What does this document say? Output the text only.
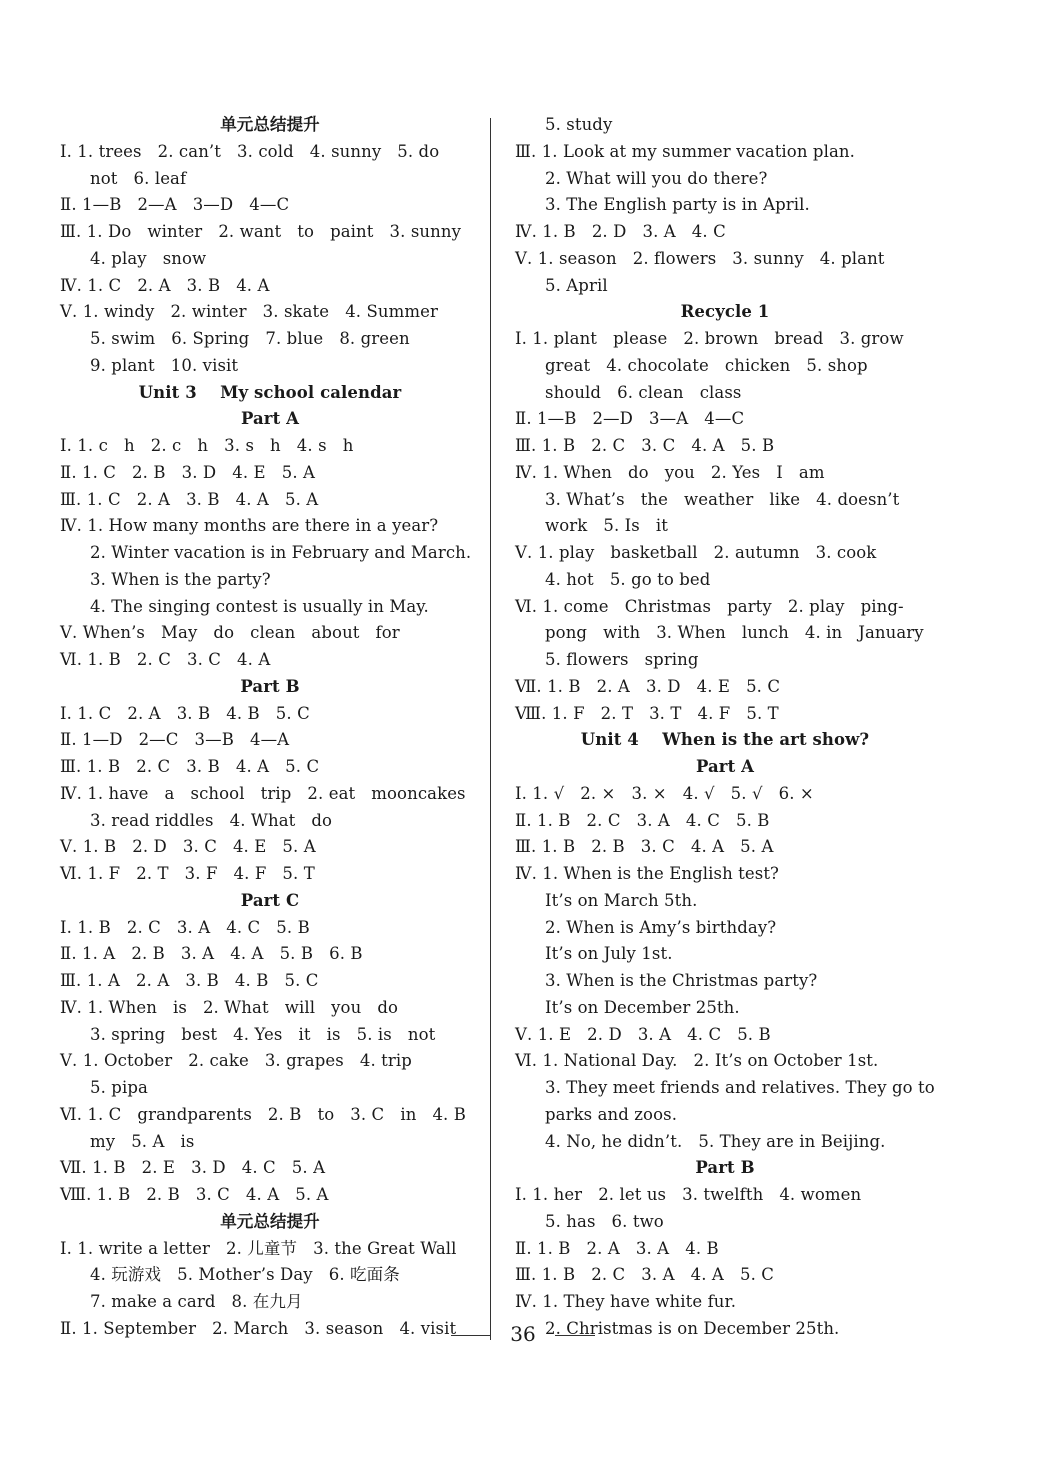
单元总结提升
Ⅰ. 1. trees   2. can’t   3. cold   4. sunny   5. do
not   6. leaf
Ⅱ. 1—B   2—A   3—D   4—C
Ⅲ. 1. Do   winter   2. want   to   paint   3. sunny
4. play   snow
Ⅳ. 1. C   2. A   3. B   4. A
Ⅴ. 1. windy   2. winter   3. skate   4. Summer
5. swim   6. Spring   7. blue   8. green
9. plant   10. visit
Unit 3    My school calendar
Part A
Ⅰ. 1. c   h   2. c   h   3. s   h   4. s   h
Ⅱ. 1. C   2. B   3. D   4. E   5. A
Ⅲ. 1. C   2. A   3. B   4. A   5. A
Ⅳ. 1. How many months are there in a year?
2. Winter vacation is in February and March.
3. When is the party?
4. The singing contest is usually in May.
Ⅴ. When’s   May   do   clean   about   for
Ⅵ. 1. B   2. C   3. C   4. A
Part B
Ⅰ. 1. C   2. A   3. B   4. B   5. C
Ⅱ. 1—D   2—C   3—B   4—A
Ⅲ. 1. B   2. C   3. B   4. A   5. C
Ⅳ. 1. have   a   school   trip   2. eat   mooncakes
3. read riddles   4. What   do
Ⅴ. 1. B   2. D   3. C   4. E   5. A
Ⅵ. 1. F   2. T   3. F   4. F   5. T
Part C
Ⅰ. 1. B   2. C   3. A   4. C   5. B
Ⅱ. 1. A   2. B   3. A   4. A   5. B   6. B
Ⅲ. 1. A   2. A   3. B   4. B   5. C
Ⅳ. 1. When   is   2. What   will   you   do
3. spring   best   4. Yes   it   is   5. is   not
Ⅴ. 1. October   2. cake   3. grapes   4. trip
5. pipa
Ⅵ. 1. C   grandparents   2. B   to   3. C   in   4. B
my   5. A   is
Ⅶ. 1. B   2. E   3. D   4. C   5. A
Ⅷ. 1. B   2. B   3. C   4. A   5. A
单元总结提升
Ⅰ. 1. write a letter   2. 儿童节   3. the Great Wall
4. 玩游戏   5. Mother’s Day   6. 吃面条
7. make a card   8. 在九月
Ⅱ. 1. September   2. March   3. season   4. visit
5. study
Ⅲ. 1. Look at my summer vacation plan.
2. What will you do there?
3. The English party is in April.
Ⅳ. 1. B   2. D   3. A   4. C
Ⅴ. 1. season   2. flowers   3. sunny   4. plant
5. April
Recycle 1
Ⅰ. 1. plant   please   2. brown   bread   3. grow
great   4. chocolate   chicken   5. shop
should   6. clean   class
Ⅱ. 1—B   2—D   3—A   4—C
Ⅲ. 1. B   2. C   3. C   4. A   5. B
Ⅳ. 1. When   do   you   2. Yes   I   am
3. What’s   the   weather   like   4. doesn’t
work   5. Is   it
Ⅴ. 1. play   basketball   2. autumn   3. cook
4. hot   5. go to bed
Ⅵ. 1. come   Christmas   party   2. play   ping-
pong   with   3. When   lunch   4. in   January
5. flowers   spring
Ⅶ. 1. B   2. A   3. D   4. E   5. C
Ⅷ. 1. F   2. T   3. T   4. F   5. T
Unit 4    When is the art show?
Part A
Ⅰ. 1. √   2. ×   3. ×   4. √   5. √   6. ×
Ⅱ. 1. B   2. C   3. A   4. C   5. B
Ⅲ. 1. B   2. B   3. C   4. A   5. A
Ⅳ. 1. When is the English test?
It’s on March 5th.
2. When is Amy’s birthday?
It’s on July 1st.
3. When is the Christmas party?
It’s on December 25th.
Ⅴ. 1. E   2. D   3. A   4. C   5. B
Ⅵ. 1. National Day.   2. It’s on October 1st.
3. They meet friends and relatives. They go to
parks and zoos.
4. No, he didn’t.   5. They are in Beijing.
Part B
Ⅰ. 1. her   2. let us   3. twelfth   4. women
5. has   6. two
Ⅱ. 1. B   2. A   3. A   4. B
Ⅲ. 1. B   2. C   3. A   4. A   5. C
Ⅳ. 1. They have white fur.
2. Christmas is on December 25th.
36
